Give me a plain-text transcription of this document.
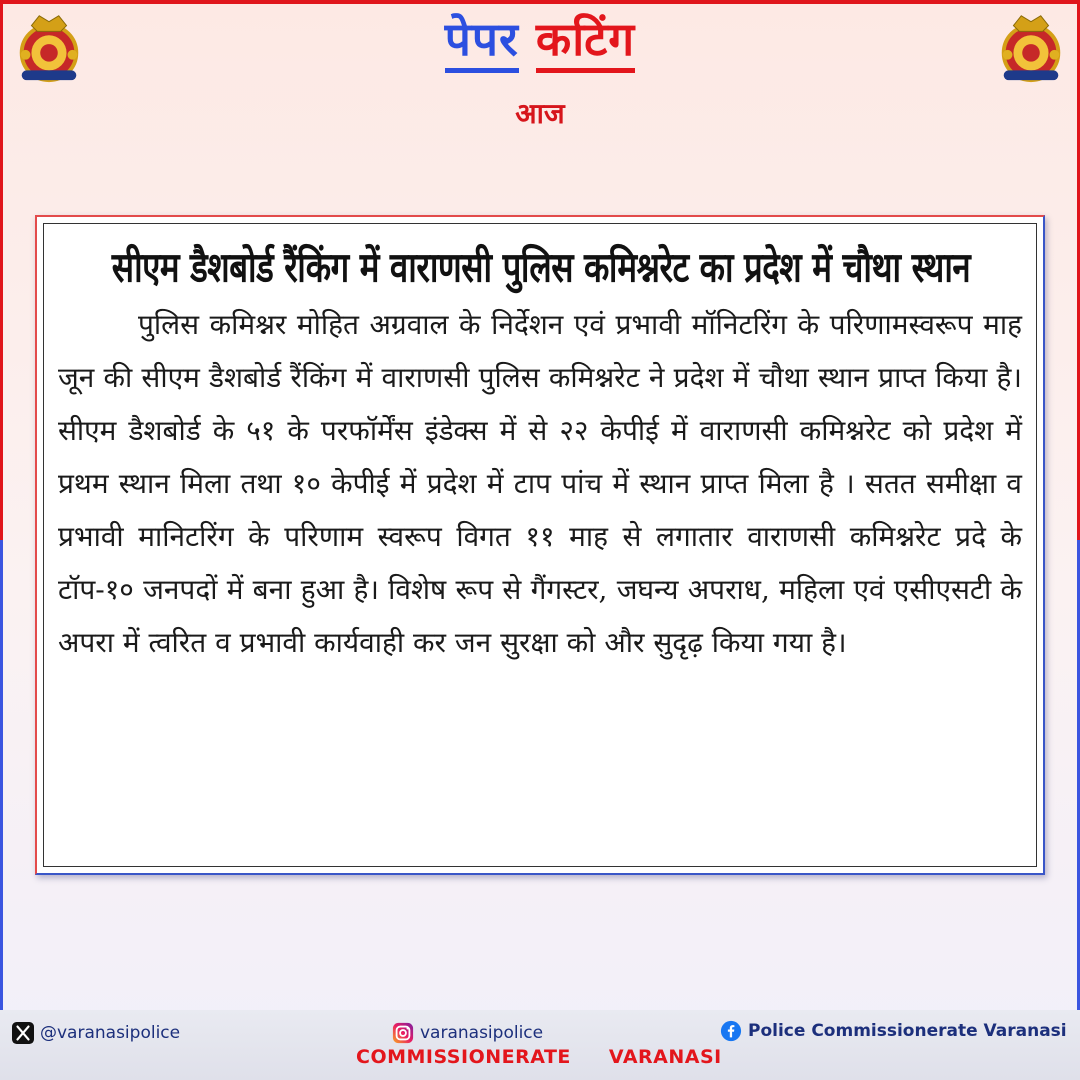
पेपर कटिंग
आज
सीएम डैशबोर्ड रैंकिंग में वाराणसी पुलिस कमिश्नरेट का प्रदेश में चौथा स्थान
पुलिस कमिश्नर मोहित अग्रवाल के निर्देशन एवं प्रभावी मॉनिटरिंग के परिणामस्वरूप माह जून की सीएम डैशबोर्ड रैंकिंग में वाराणसी पुलिस कमिश्नरेट ने प्रदेश में चौथा स्थान प्राप्त किया है। सीएम डैशबोर्ड के ५१ के परफॉर्मेंस इंडेक्स में से २२ केपीई में वाराणसी कमिश्नरेट को प्रदेश में प्रथम स्थान मिला तथा १० केपीई में प्रदेश में टाप पांच में स्थान प्राप्त मिला है । सतत समीक्षा व प्रभावी मानिटरिंग के परिणाम स्वरूप विगत ११ माह से लगातार वाराणसी कमिश्नरेट प्रदे के टॉप-१० जनपदों में बना हुआ है। विशेष रूप से गैंगस्टर, जघन्य अपराध, महिला एवं एसीएसटी के अपरा में त्वरित व प्रभावी कार्यवाही कर जन सुरक्षा को और सुदृढ़ किया गया है।
@varanasipolice	varanasipolice	Police Commissionerate Varanasi
COMMISSIONERATE VARANASI
